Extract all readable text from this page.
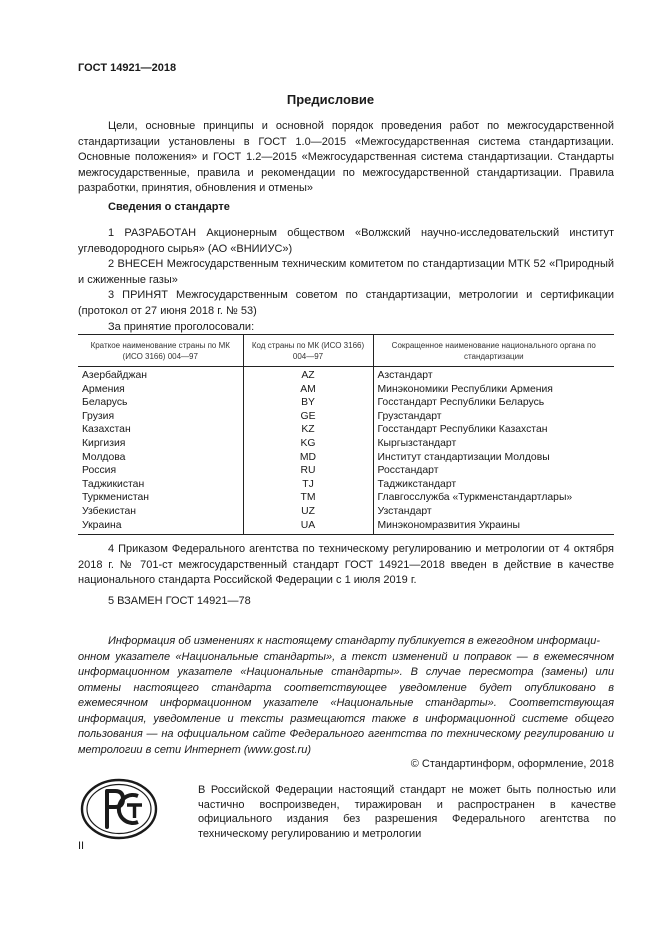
ГОСТ 14921—2018
Предисловие
Цели, основные принципы и основной порядок проведения работ по межгосударственной стандартизации установлены в ГОСТ 1.0—2015 «Межгосударственная система стандартизации. Основные положения» и ГОСТ 1.2—2015 «Межгосударственная система стандартизации. Стандарты межгосударственные, правила и рекомендации по межгосударственной стандартизации. Правила разработки, принятия, обновления и отмены»
Сведения о стандарте
1 РАЗРАБОТАН Акционерным обществом «Волжский научно-исследовательский институт углеводородного сырья» (АО «ВНИИУС»)
2 ВНЕСЕН Межгосударственным техническим комитетом по стандартизации МТК 52 «Природный и сжиженные газы»
3 ПРИНЯТ Межгосударственным советом по стандартизации, метрологии и сертификации (протокол от 27 июня 2018 г. № 53)
За принятие проголосовали:
Краткое наименование страны по МК (ИСО 3166) 004—97	Код страны по МК (ИСО 3166) 004—97	Сокращенное наименование национального органа по стандартизации
Азербайджан	AZ	Азстандарт
Армения	AM	Минэкономики Республики Армения
Беларусь	BY	Госстандарт Республики Беларусь
Грузия	GE	Грузстандарт
Казахстан	KZ	Госстандарт Республики Казахстан
Киргизия	KG	Кыргызстандарт
Молдова	MD	Институт стандартизации Молдовы
Россия	RU	Росстандарт
Таджикистан	TJ	Таджикстандарт
Туркменистан	TM	Главгосслужба «Туркменстандартлары»
Узбекистан	UZ	Узстандарт
Украина	UA	Минэкономразвития Украины
4 Приказом Федерального агентства по техническому регулированию и метрологии от 4 октября 2018 г. № 701-ст межгосударственный стандарт ГОСТ 14921—2018 введен в действие в качестве национального стандарта Российской Федерации с 1 июля 2019 г.
5 ВЗАМЕН ГОСТ 14921—78
Информация об изменениях к настоящему стандарту публикуется в ежегодном информаци-
онном указателе «Национальные стандарты», а текст изменений и поправок — в ежемесячном информационном указателе «Национальные стандарты». В случае пересмотра (замены) или отмены настоящего стандарта соответствующее уведомление будет опубликовано в ежемесячном информационном указателе «Национальные стандарты». Соответствующая информация, уведомление и тексты размещаются также в информационной системе общего пользования — на официальном сайте Федерального агентства по техническому регулированию и метрологии в сети Интернет (www.gost.ru)
© Стандартинформ, оформление, 2018
В Российской Федерации настоящий стандарт не может быть полностью или частично воспроизведен, тиражирован и распространен в качестве официального издания без разрешения Федерального агентства по техническому регулированию и метрологии
II
